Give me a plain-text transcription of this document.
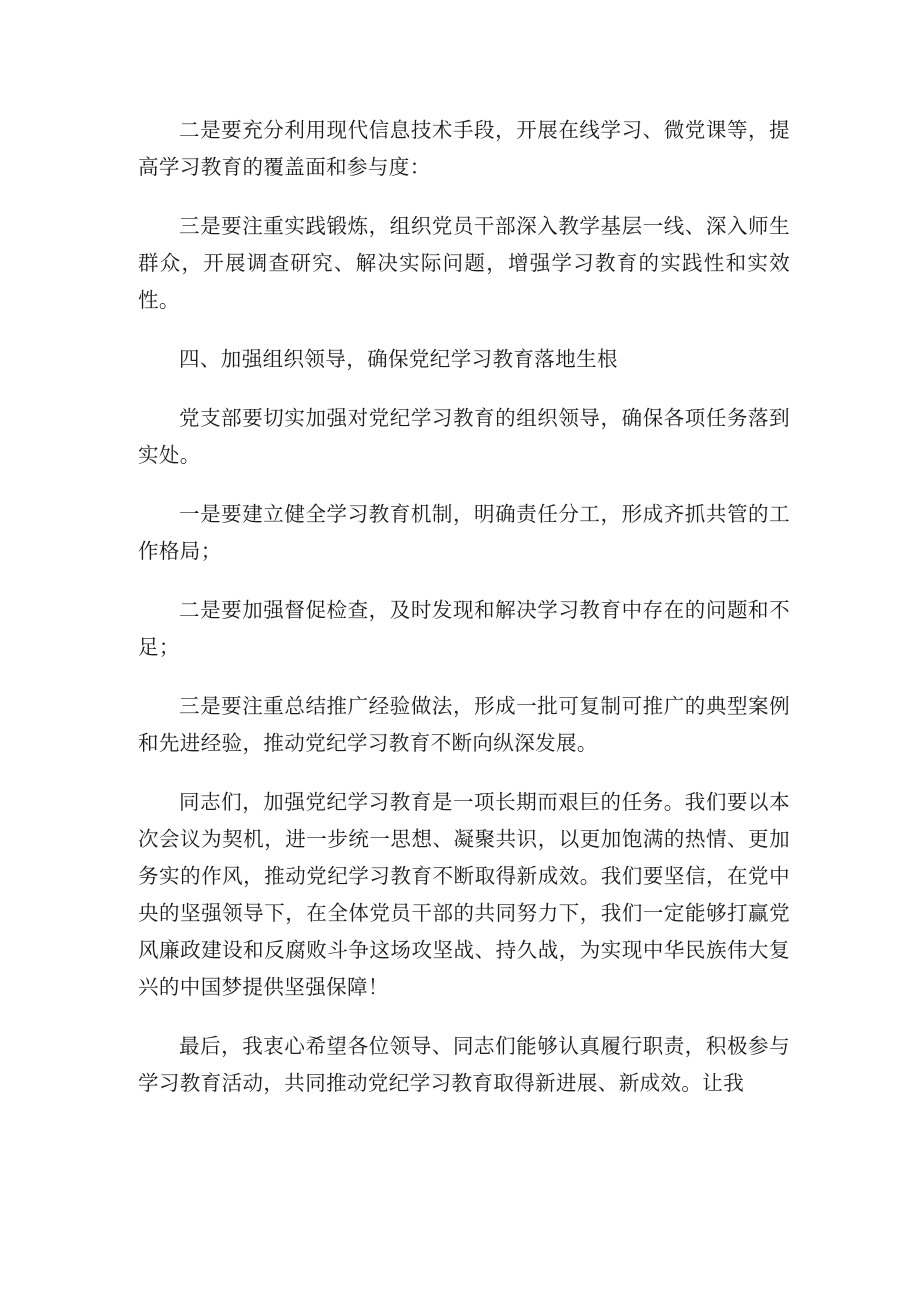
二是要充分利用现代信息技术手段，开展在线学习、微党课等，提高学习教育的覆盖面和参与度：

三是要注重实践锻炼，组织党员干部深入教学基层一线、深入师生群众，开展调查研究、解决实际问题，增强学习教育的实践性和实效性。

四、加强组织领导，确保党纪学习教育落地生根

党支部要切实加强对党纪学习教育的组织领导，确保各项任务落到实处。

一是要建立健全学习教育机制，明确责任分工，形成齐抓共管的工作格局；

二是要加强督促检查，及时发现和解决学习教育中存在的问题和不足；

三是要注重总结推广经验做法，形成一批可复制可推广的典型案例和先进经验，推动党纪学习教育不断向纵深发展。

同志们，加强党纪学习教育是一项长期而艰巨的任务。我们要以本次会议为契机，进一步统一思想、凝聚共识，以更加饱满的热情、更加务实的作风，推动党纪学习教育不断取得新成效。我们要坚信，在党中央的坚强领导下，在全体党员干部的共同努力下，我们一定能够打赢党风廉政建设和反腐败斗争这场攻坚战、持久战，为实现中华民族伟大复兴的中国梦提供坚强保障！

最后，我衷心希望各位领导、同志们能够认真履行职责，积极参与学习教育活动，共同推动党纪学习教育取得新进展、新成效。让我
